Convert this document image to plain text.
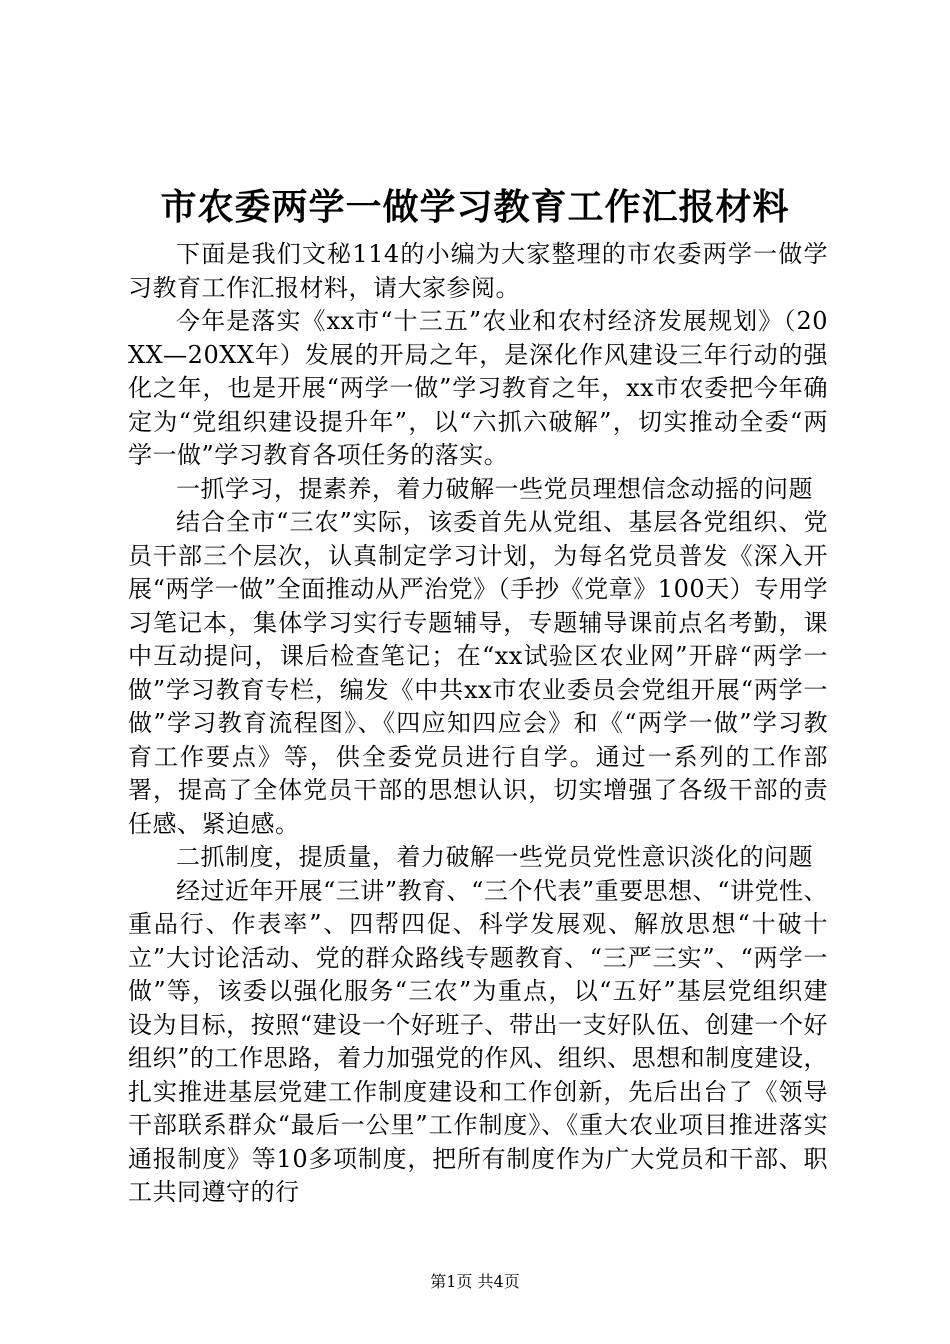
市农委两学一做学习教育工作汇报材料

下面是我们文秘114的小编为大家整理的市农委两学一做学习教育工作汇报材料，请大家参阅。

今年是落实《xx市“十三五”农业和农村经济发展规划》（20XX—20XX年）发展的开局之年，是深化作风建设三年行动的强化之年，也是开展“两学一做”学习教育之年，xx市农委把今年确定为“党组织建设提升年”，以“六抓六破解”，切实推动全委“两学一做”学习教育各项任务的落实。

一抓学习，提素养，着力破解一些党员理想信念动摇的问题

结合全市“三农”实际，该委首先从党组、基层各党组织、党员干部三个层次，认真制定学习计划，为每名党员普发《深入开展“两学一做”全面推动从严治党》（手抄《党章》100天）专用学习笔记本，集体学习实行专题辅导，专题辅导课前点名考勤，课中互动提问，课后检查笔记；在“xx试验区农业网”开辟“两学一做”学习教育专栏，编发《中共xx市农业委员会党组开展“两学一做”学习教育流程图》、《四应知四应会》和《“两学一做”学习教育工作要点》等，供全委党员进行自学。通过一系列的工作部署，提高了全体党员干部的思想认识，切实增强了各级干部的责任感、紧迫感。

二抓制度，提质量，着力破解一些党员党性意识淡化的问题

经过近年开展“三讲”教育、“三个代表”重要思想、“讲党性、重品行、作表率”、四帮四促、科学发展观、解放思想“十破十立”大讨论活动、党的群众路线专题教育、“三严三实”、“两学一做”等，该委以强化服务“三农”为重点，以“五好”基层党组织建设为目标，按照“建设一个好班子、带出一支好队伍、创建一个好组织”的工作思路，着力加强党的作风、组织、思想和制度建设，扎实推进基层党建工作制度建设和工作创新，先后出台了《领导干部联系群众“最后一公里”工作制度》、《重大农业项目推进落实通报制度》等10多项制度，把所有制度作为广大党员和干部、职工共同遵守的行

第1页 共4页
